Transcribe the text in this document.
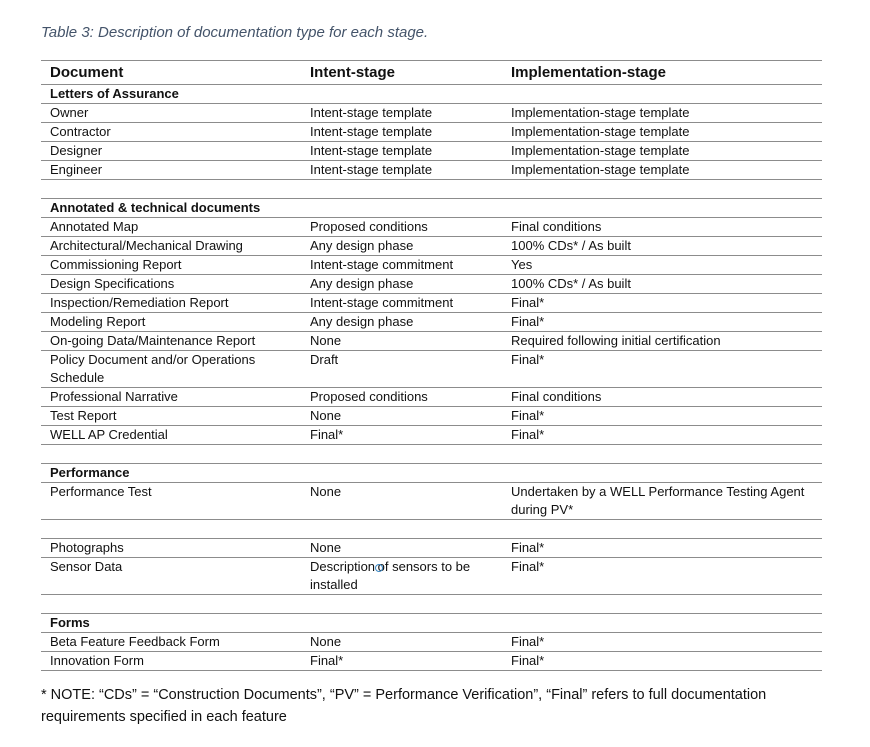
Table 3: Description of documentation type for each stage.
Document	Intent-stage	Implementation-stage
Letters of Assurance		
Owner	Intent-stage template	Implementation-stage template
Contractor	Intent-stage template	Implementation-stage template
Designer	Intent-stage template	Implementation-stage template
Engineer	Intent-stage template	Implementation-stage template

Annotated & technical documents		
Annotated Map	Proposed conditions	Final conditions
Architectural/Mechanical Drawing	Any design phase	100% CDs* / As built
Commissioning Report	Intent-stage commitment	Yes
Design Specifications	Any design phase	100% CDs* / As built
Inspection/Remediation Report	Intent-stage commitment	Final*
Modeling Report	Any design phase	Final*
On-going Data/Maintenance Report	None	Required following initial certification
Policy Document and/or Operations Schedule	Draft	Final*
Professional Narrative	Proposed conditions	Final conditions
Test Report	None	Final*
WELL AP Credential	Final*	Final*

Performance		
Performance Test	None	Undertaken by a WELL Performance Testing Agent during PV*

Photographs	None	Final*
Sensor Data	Description of sensors to be installed	Final*

Forms		
Beta Feature Feedback Form	None	Final*
Innovation Form	Final*	Final*
* NOTE: “CDs” = “Construction Documents”, “PV” = Performance Verification”, “Final” refers to full documentation requirements specified in each feature
